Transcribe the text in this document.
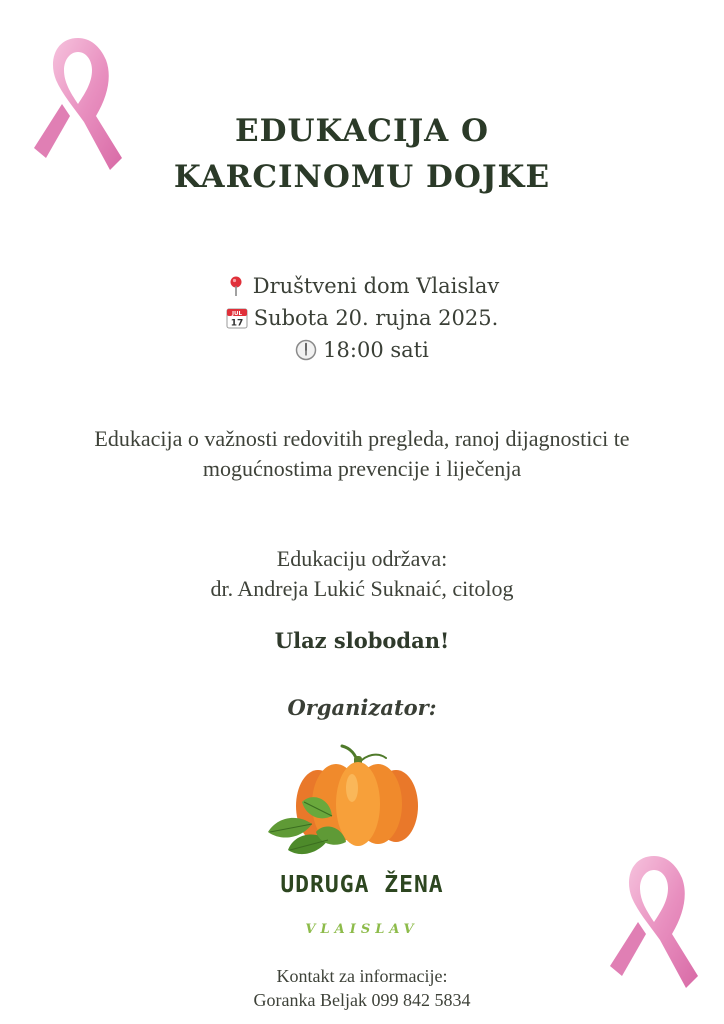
EDUKACIJA O
KARCINOMU DOJKE
Društveni dom Vlaislav
JUL
17 Subota 20. rujna 2025.
18:00 sati
Edukacija o važnosti redovitih pregleda, ranoj dijagnostici te mogućnostima prevencije i liječenja
Edukaciju održava:
dr. Andreja Lukić Suknaić, citolog
Ulaz slobodan!
Organizator:
UDRUGA ŽENA
VLAISLAV
Kontakt za informacije:
Goranka Beljak 099 842 5834
